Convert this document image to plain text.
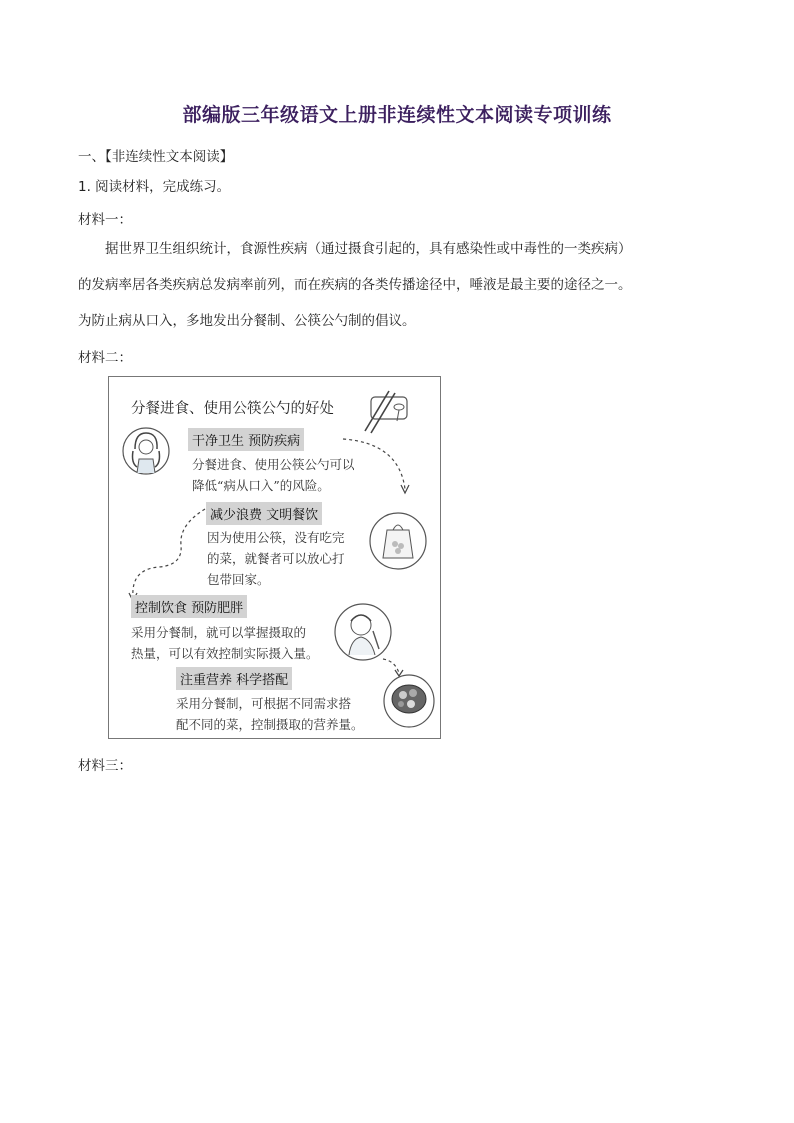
部编版三年级语文上册非连续性文本阅读专项训练
一、【非连续性文本阅读】
1. 阅读材料，完成练习。
材料一：
据世界卫生组织统计，食源性疾病（通过摄食引起的，具有感染性或中毒性的一类疾病）
的发病率居各类疾病总发病率前列，而在疾病的各类传播途径中，唾液是最主要的途径之一。
为防止病从口入，多地发出分餐制、公筷公勺制的倡议。
材料二：
分餐进食、使用公筷公勺的好处
干净卫生 预防疾病
分餐进食、使用公筷公勺可以
降低“病从口入”的风险。
减少浪费 文明餐饮
因为使用公筷，没有吃完
的菜，就餐者可以放心打
包带回家。
控制饮食 预防肥胖
采用分餐制，就可以掌握摄取的
热量，可以有效控制实际摄入量。
注重营养 科学搭配
采用分餐制，可根据不同需求搭
配不同的菜，控制摄取的营养量。
材料三：
